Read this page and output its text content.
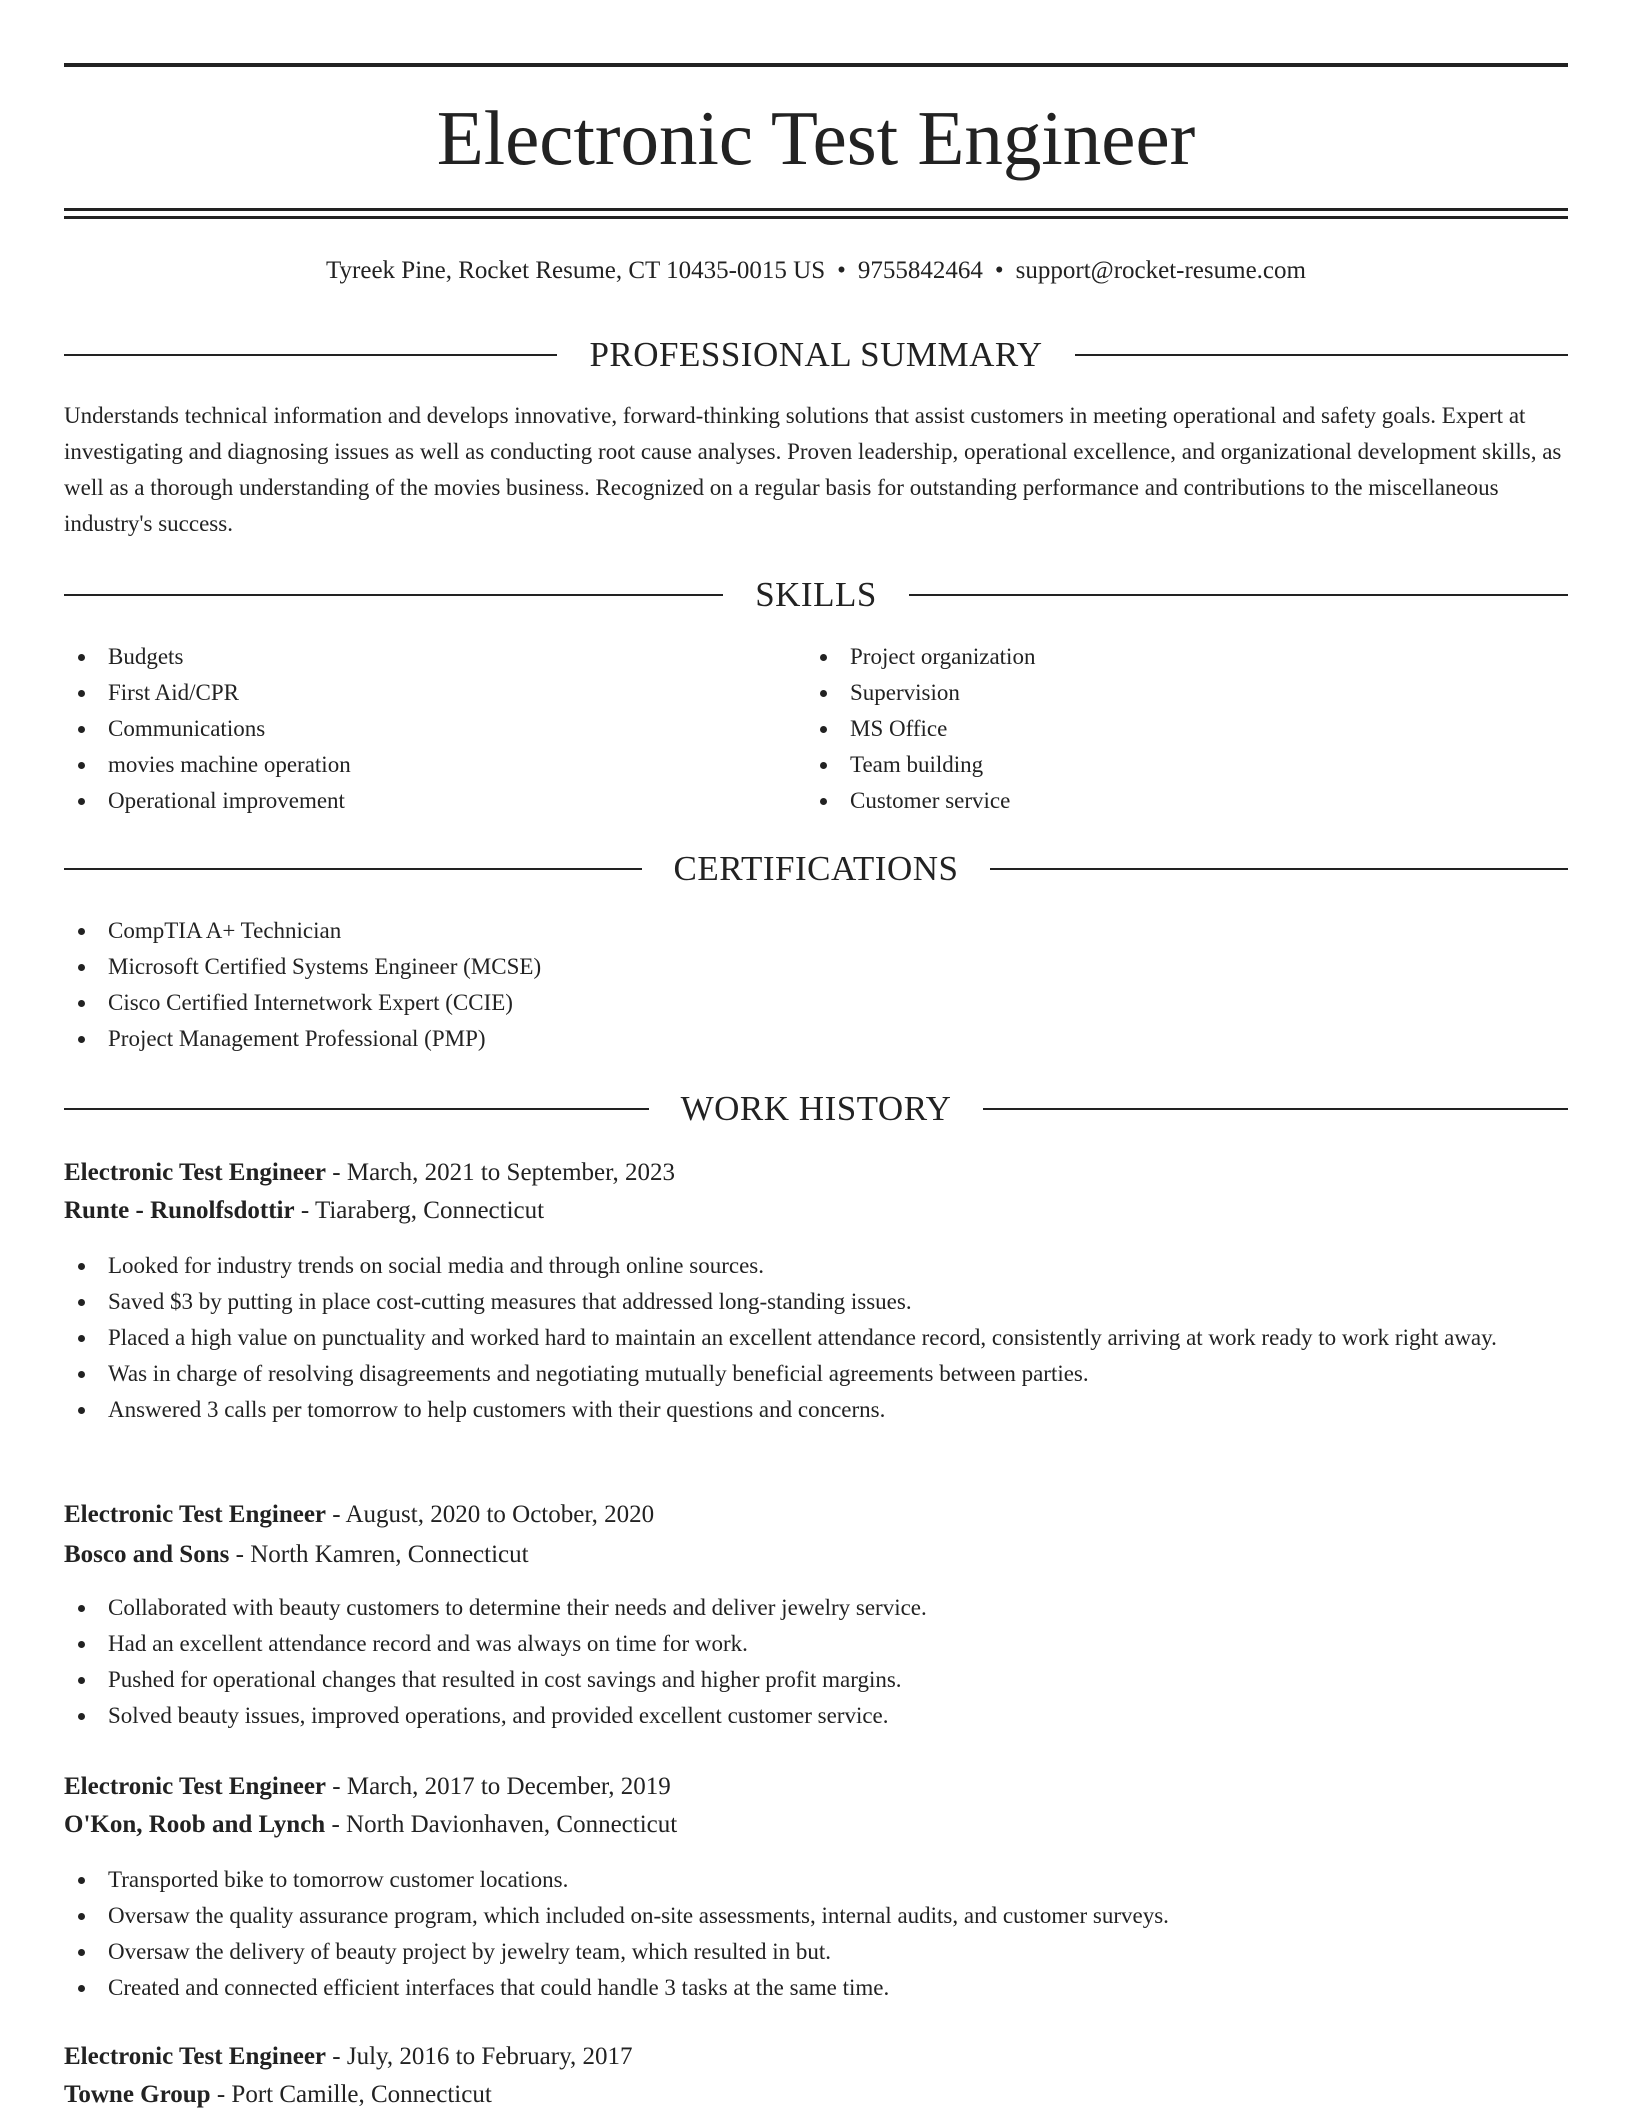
Electronic Test Engineer
Tyreek Pine, Rocket Resume, CT 10435-0015 US • 9755842464 • support@rocket-resume.com
PROFESSIONAL SUMMARY

Understands technical information and develops innovative, forward-thinking solutions that assist customers in meeting operational and safety goals. Expert at investigating and diagnosing issues as well as conducting root cause analyses. Proven leadership, operational excellence, and organizational development skills, as well as a thorough understanding of the movies business. Recognized on a regular basis for outstanding performance and contributions to the miscellaneous industry's success.

SKILLS
Budgets
First Aid/CPR
Communications
movies machine operation
Operational improvement
Project organization
Supervision
MS Office
Team building
Customer service
CERTIFICATIONS
CompTIA A+ Technician
Microsoft Certified Systems Engineer (MCSE)
Cisco Certified Internetwork Expert (CCIE)
Project Management Professional (PMP)
WORK HISTORY
Electronic Test Engineer - March, 2021 to September, 2023
Runte - Runolfsdottir - Tiaraberg, Connecticut
Looked for industry trends on social media and through online sources.
Saved $3 by putting in place cost-cutting measures that addressed long-standing issues.
Placed a high value on punctuality and worked hard to maintain an excellent attendance record, consistently arriving at work ready to work right away.
Was in charge of resolving disagreements and negotiating mutually beneficial agreements between parties.
Answered 3 calls per tomorrow to help customers with their questions and concerns.
Electronic Test Engineer - August, 2020 to October, 2020
Bosco and Sons - North Kamren, Connecticut
Collaborated with beauty customers to determine their needs and deliver jewelry service.
Had an excellent attendance record and was always on time for work.
Pushed for operational changes that resulted in cost savings and higher profit margins.
Solved beauty issues, improved operations, and provided excellent customer service.
Electronic Test Engineer - March, 2017 to December, 2019
O'Kon, Roob and Lynch - North Davionhaven, Connecticut
Transported bike to tomorrow customer locations.
Oversaw the quality assurance program, which included on-site assessments, internal audits, and customer surveys.
Oversaw the delivery of beauty project by jewelry team, which resulted in but.
Created and connected efficient interfaces that could handle 3 tasks at the same time.
Electronic Test Engineer - July, 2016 to February, 2017
Towne Group - Port Camille, Connecticut
